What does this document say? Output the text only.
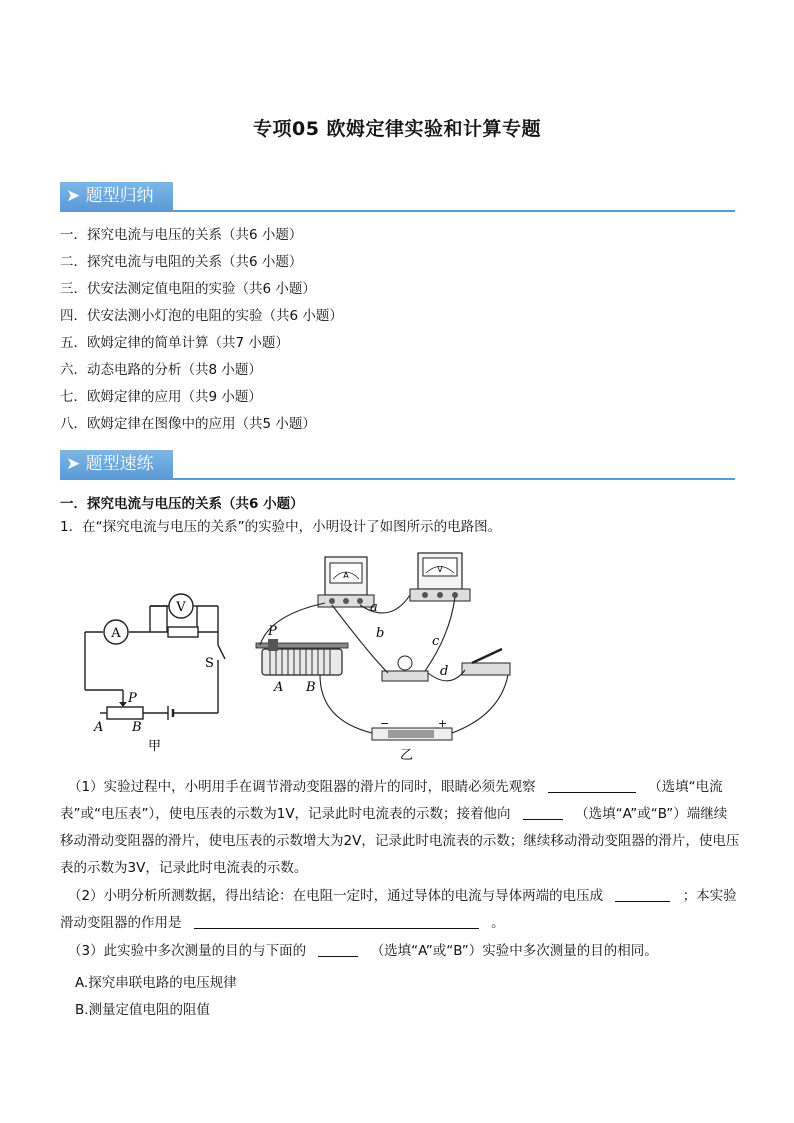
专项05 欧姆定律实验和计算专题
➤ 题型归纳
一．探究电流与电压的关系（共6 小题）
二．探究电流与电阻的关系（共6 小题）
三．伏安法测定值电阻的实验（共6 小题）
四．伏安法测小灯泡的电阻的实验（共6 小题）
五．欧姆定律的简单计算（共7 小题）
六．动态电路的分析（共8 小题）
七．欧姆定律的应用（共9 小题）
八．欧姆定律在图像中的应用（共5 小题）
➤ 题型速练
一．探究电流与电压的关系（共6 小题）
1．在“探究电流与电压的关系”的实验中，小明设计了如图所示的电路图。
A
V
S
P
A B
甲
A
V
P
A B
−	+
a
b
c
d
乙
（1）实验过程中，小明用手在调节滑动变阻器的滑片的同时，眼睛必须先观察	（选填“电流表”或“电压表”），使电压表的示数为1V，记录此时电流表的示数；接着他向	（选填“A”或“B”）端继续移动滑动变阻器的滑片，使电压表的示数增大为2V，记录此时电流表的示数；继续移动滑动变阻器的滑片，使电压表的示数为3V，记录此时电流表的示数。
（2）小明分析所测数据，得出结论：在电阻一定时，通过导体的电流与导体两端的电压成	；本实验滑动变阻器的作用是	。
（3）此实验中多次测量的目的与下面的	（选填“A”或“B”）实验中多次测量的目的相同。
A.探究串联电路的电压规律
B.测量定值电阻的阻值
